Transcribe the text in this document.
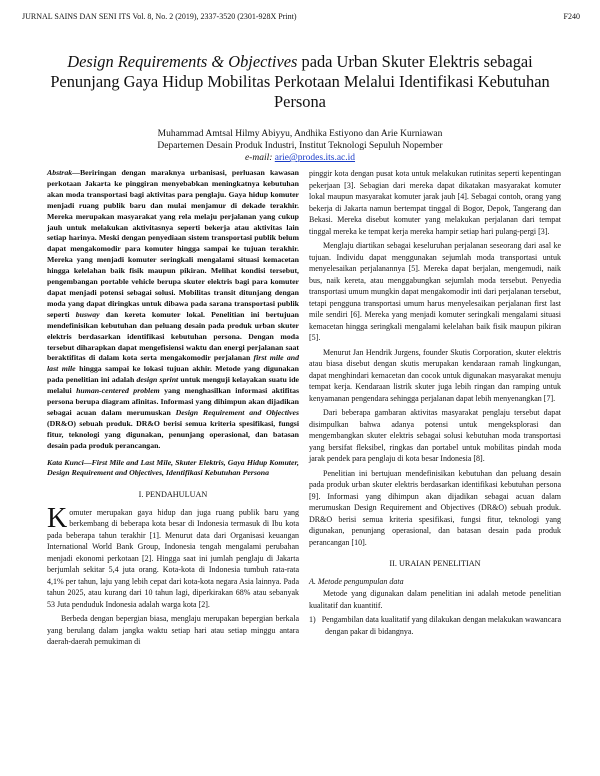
JURNAL SAINS DAN SENI ITS Vol. 8, No. 2 (2019), 2337-3520 (2301-928X Print)	F240
Design Requirements & Objectives pada Urban Skuter Elektris sebagai Penunjang Gaya Hidup Mobilitas Perkotaan Melalui Identifikasi Kebutuhan Persona
Muhammad Amtsal Hilmy Abiyyu, Andhika Estiyono dan Arie Kurniawan
Departemen Desain Produk Industri, Institut Teknologi Sepuluh Nopember
e-mail: arie@prodes.its.ac.id

Abstrak—Beriringan dengan maraknya urbanisasi, perluasan kawasan perkotaan Jakarta ke pinggiran menyebabkan meningkatnya kebutuhan akan moda transportasi bagi aktivitas para penglaju. Gaya hidup komuter menjadi ruang publik baru dan mulai menjamur di dekade terakhir. Mereka merupakan masyarakat yang rela melaju perjalanan yang cukup jauh untuk melakukan aktivitasnya seperti bekerja atau aktivitas lain setiap harinya. Meski dengan penyediaan sistem transportasi publik belum dapat mengakomodir para komuter hingga sampai ke tujuan terakhir. Mereka yang menjadi komuter seringkali mengalami situasi kemacetan hingga kelelahan baik fisik maupun pikiran. Melihat kondisi tersebut, pengembangan portable vehicle berupa skuter elektris bagi para komuter dapat menjadi potensi sebagai solusi. Mobilitas transit ditunjang dengan moda yang dapat diringkas untuk dibawa pada sarana transportasi publik seperti busway dan kereta komuter lokal. Penelitian ini bertujuan mendefinisikan kebutuhan dan peluang desain pada produk urban skuter elektris berdasarkan identifikasi kebutuhan persona. Dengan moda tersebut diharapkan dapat mengefisiensi waktu dan energi perjalanan saat beraktifitas di dalam kota serta mengakomodir perjalanan first mile and last mile hingga sampai ke lokasi tujuan akhir. Metode yang digunakan pada penelitian ini adalah design sprint untuk menguji kelayakan suatu ide melalui human-centered problem yang menghasilkan informasi aktifitas persona berupa diagram afinitas. Informasi yang dihimpun akan dijadikan sebagai acuan dalam merumuskan Design Requirement and Objectives (DR&O) sebuah produk. DR&O berisi semua kriteria spesifikasi, fungsi fitur, teknologi yang digunakan, penunjang operasional, dan batasan desain pada produk perancangan.

Kata Kunci—First Mile and Last Mile, Skuter Elektris, Gaya Hidup Komuter, Design Requirement and Objectives, Identifikasi Kebutuhan Persona

I. PENDAHULUAN

Komuter merupakan gaya hidup dan juga ruang publik baru yang berkembang di beberapa kota besar di Indonesia termasuk di Ibu kota pada beberapa tahun terakhir [1]. Menurut data dari Organisasi keuangan International World Bank Group, Indonesia tengah mengalami perubahan menjadi ekonomi perkotaan [2]. Hingga saat ini jumlah penglaju di Jakarta berjumlah sekitar 5,4 juta orang. Kota-kota di Indonesia tumbuh rata-rata 4,1% per tahun, laju yang lebih cepat dari kota-kota negara Asia lainnya. Pada tahun 2025, atau kurang dari 10 tahun lagi, diperkirakan 68% atau sebanyak 53 Juta penduduk Indonesia adalah warga kota [2].

Berbeda dengan bepergian biasa, menglaju merupakan bepergian berkala yang berulang dalam jangka waktu setiap hari atau setiap minggu antara daerah-daerah pemukiman di

pinggir kota dengan pusat kota untuk melakukan rutinitas seperti kepentingan pekerjaan [3]. Sebagian dari mereka dapat dikatakan masyarakat komuter lokal maupun masyarakat komuter jarak jauh [4]. Sebagai contoh, orang yang bekerja di Jakarta namun bertempat tinggal di Bogor, Depok, Tangerang dan Bekasi. Mereka disebut komuter yang melakukan perjalanan dari tempat tinggal mereka ke tempat kerja mereka hampir setiap hari pulang-pergi [3].

Menglaju diartikan sebagai keseluruhan perjalanan seseorang dari asal ke tujuan. Individu dapat menggunakan sejumlah moda transportasi untuk menyelesaikan perjalanannya [5]. Mereka dapat berjalan, mengemudi, naik bus, naik kereta, atau menggabungkan sejumlah moda tersebut. Penyedia transportasi umum mungkin dapat mengakomodir inti dari perjalanan tersebut, tetapi pengguna transportasi umum harus menyelesaikan perjalanan first last mile sendiri [6]. Mereka yang menjadi komuter seringkali mengalami situasi kemacetan hingga seringkali mengalami kelelahan baik fisik maupun pikiran [5].

Menurut Jan Hendrik Jurgens, founder Skutis Corporation, skuter elektris atau biasa disebut dengan skutis merupakan kendaraan ramah lingkungan, dapat menghindari kemacetan dan cocok untuk digunakan masyarakat menuju tempat kerja. Kendaraan listrik skuter juga lebih ringan dan ramping untuk kenyamanan pengendara sehingga perjalanan dapat lebih menyenangkan [7].

Dari beberapa gambaran aktivitas masyarakat penglaju tersebut dapat disimpulkan bahwa adanya potensi untuk mengeksplorasi dan mengembangkan skuter elektris sebagai solusi kebutuhan moda transportasi yang bersifat fleksibel, ringkas dan portabel untuk mobilitas pindah moda jarak pendek para penglaju di kota besar Indonesia [8].

Penelitian ini bertujuan mendefinisikan kebutuhan dan peluang desain pada produk urban skuter elektris berdasarkan identifikasi kebutuhan persona [9]. Informasi yang dihimpun akan dijadikan sebagai acuan dalam merumuskan Design Requirement and Objectives (DR&O) sebuah produk. DR&O berisi semua kriteria spesifikasi, fungsi fitur, teknologi yang digunakan, penunjang operasional, dan batasan desain pada produk perancangan [10].

II. URAIAN PENELITIAN

A. Metode pengumpulan data

Metode yang digunakan dalam penelitian ini adalah metode penelitian kualitatif dan kuantitif.

1) Pengambilan data kualitatif yang dilakukan dengan melakukan wawancara dengan pakar di bidangnya.
